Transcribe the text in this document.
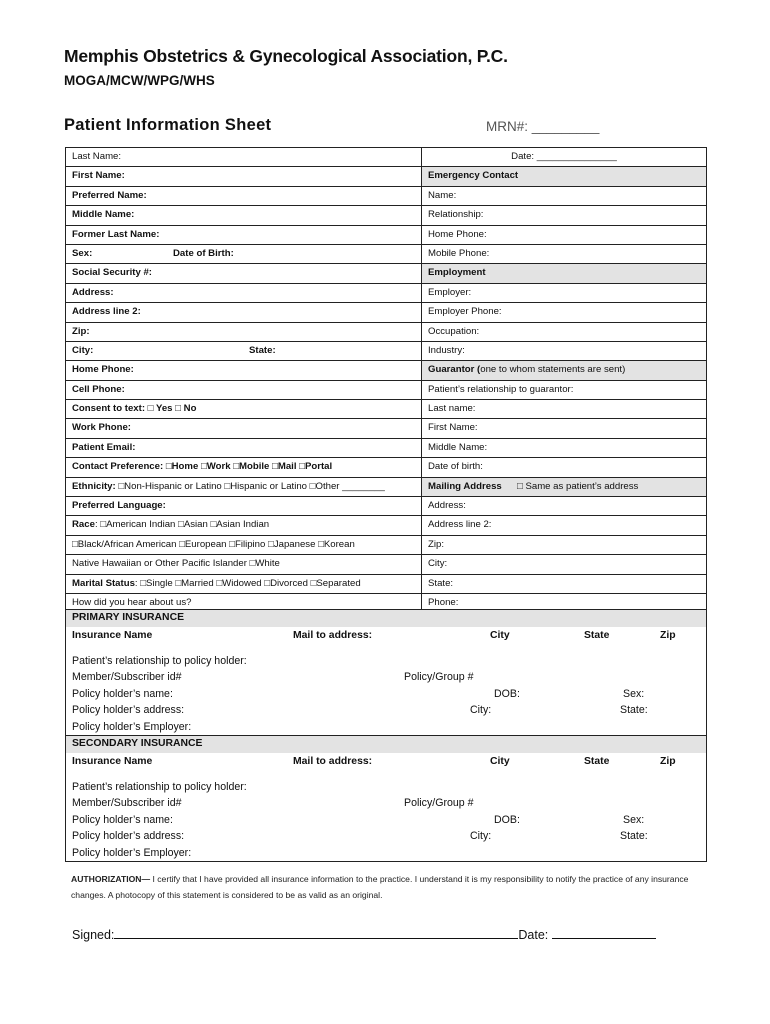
Memphis Obstetrics & Gynecological Association, P.C.
MOGA/MCW/WPG/WHS
Patient Information Sheet	MRN#: _________
Last Name:	Date: _______________
First Name:	Emergency Contact
Preferred Name:	Name:
Middle Name:	Relationship:
Former Last Name:	Home Phone:
Sex:	Date of Birth:	Mobile Phone:
Social Security #:	Employment
Address:	Employer:
Address line 2:	Employer Phone:
Zip:	Occupation:
City:	State:	Industry:
Home Phone:	Guarantor (one to whom statements are sent)
Cell Phone:	Patient’s relationship to guarantor:
Consent to text: □ Yes □ No	Last name:
Work Phone:	First Name:
Patient Email:	Middle Name:
Contact Preference: □Home □Work □Mobile □Mail □Portal	Date of birth:
Ethnicity: □Non-Hispanic or Latino □Hispanic or Latino □Other ________	Mailing Address □ Same as patient’s address
Preferred Language:	Address:
Race: □American Indian □Asian □Asian Indian	Address line 2:
□Black/African American □European □Filipino □Japanese □Korean	Zip:
Native Hawaiian or Other Pacific Islander □White	City:
Marital Status: □Single □Married □Widowed □Divorced □Separated	State:
How did you hear about us?	Phone:
PRIMARY INSURANCE
Insurance Name	Mail to address:	City	State	Zip
Patient’s relationship to policy holder:
Member/Subscriber id#	Policy/Group #
Policy holder’s name:	DOB:	Sex:
Policy holder’s address:	City:	State:
Policy holder’s Employer:
SECONDARY INSURANCE
Insurance Name	Mail to address:	City	State	Zip
Patient’s relationship to policy holder:
Member/Subscriber id#	Policy/Group #
Policy holder’s name:	DOB:	Sex:
Policy holder’s address:	City:	State:
Policy holder’s Employer:
AUTHORIZATION— I certify that I have provided all insurance information to the practice. I understand it is my responsibility to notify the practice of any insurance changes. A photocopy of this statement is considered to be as valid as an original.
Signed:	Date:
